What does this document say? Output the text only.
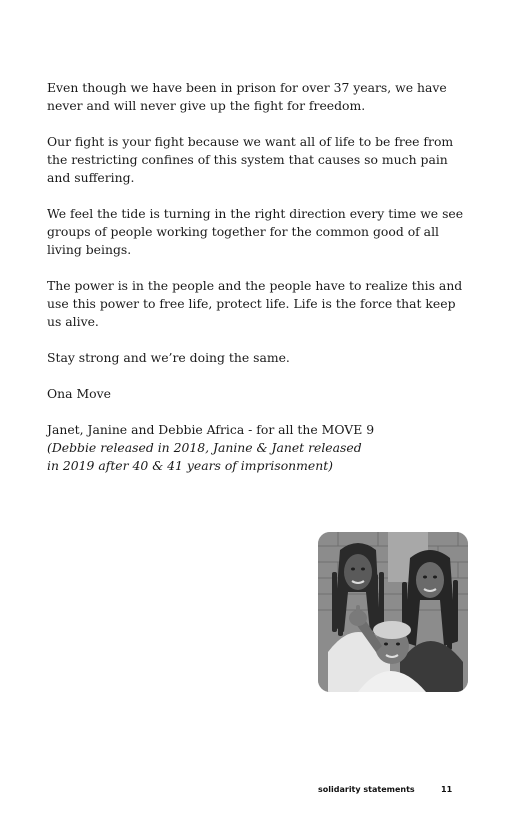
Even though we have been in prison for over 37 years, we have never and will never give up the fight for freedom.

Our fight is your fight because we want all of life to be free from the restricting confines of this system that causes so much pain and suffering.

We feel the tide is turning in the right direction every time we see groups of people working together for the common good of all living beings.

The power is in the people and the people have to realize this and use this power to free life, protect life. Life is the force that keep us alive.

Stay strong and we’re doing the same.

Ona Move

Janet, Janine and Debbie Africa - for all the MOVE 9

(Debbie released in 2018, Janine & Janet released

in 2019 after 40 & 41 years of imprisonment)

solidarity statements	11
